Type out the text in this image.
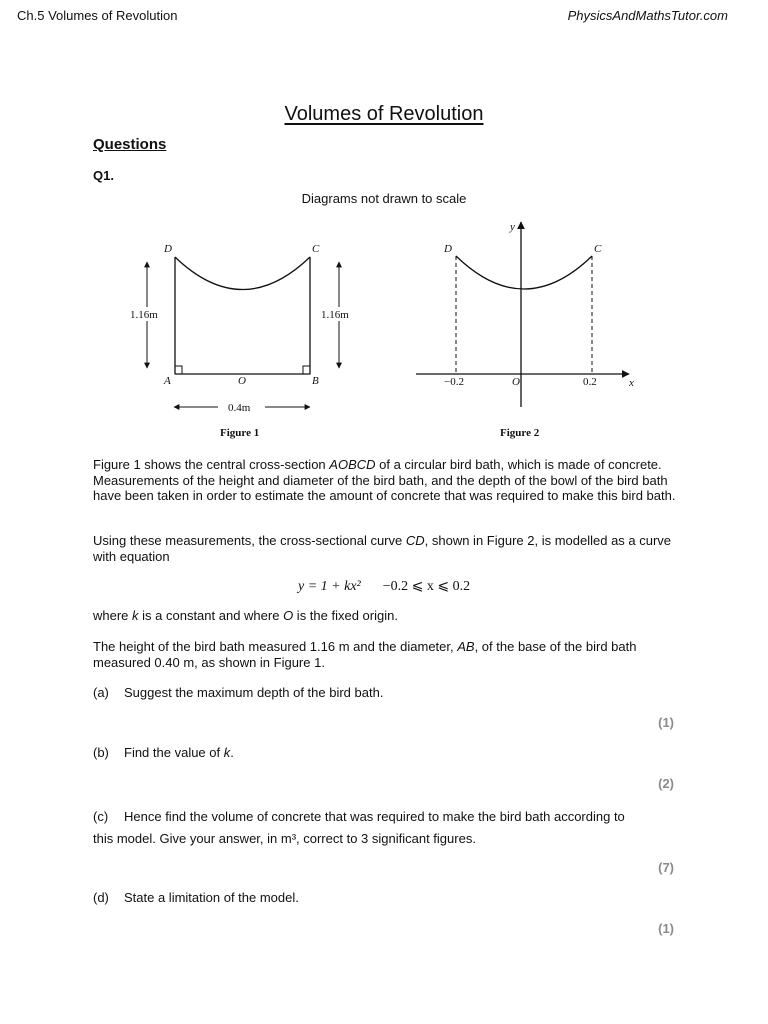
Ch.5 Volumes of Revolution	PhysicsAndMathsTutor.com
Volumes of Revolution
Questions
Q1.
Diagrams not drawn to scale
D	C
A	O	B
1.16m	1.16m
0.4m
Figure 1
y
x
D	C
−0.2	O	0.2
Figure 2
Figure 1 shows the central cross-section AOBCD of a circular bird bath, which is made of concrete. Measurements of the height and diameter of the bird bath, and the depth of the bowl of the bird bath have been taken in order to estimate the amount of concrete that was required to make this bird bath.
Using these measurements, the cross-sectional curve CD, shown in Figure 2, is modelled as a curve with equation
y = 1 + kx² −0.2 ⩽ x ⩽ 0.2
where k is a constant and where O is the fixed origin.
The height of the bird bath measured 1.16 m and the diameter, AB, of the base of the bird bath measured 0.40 m, as shown in Figure 1.
(a) Suggest the maximum depth of the bird bath.
(1)
(b) Find the value of k.
(2)
(c) Hence find the volume of concrete that was required to make the bird bath according to
this model. Give your answer, in m³, correct to 3 significant figures.
(7)
(d) State a limitation of the model.
(1)
